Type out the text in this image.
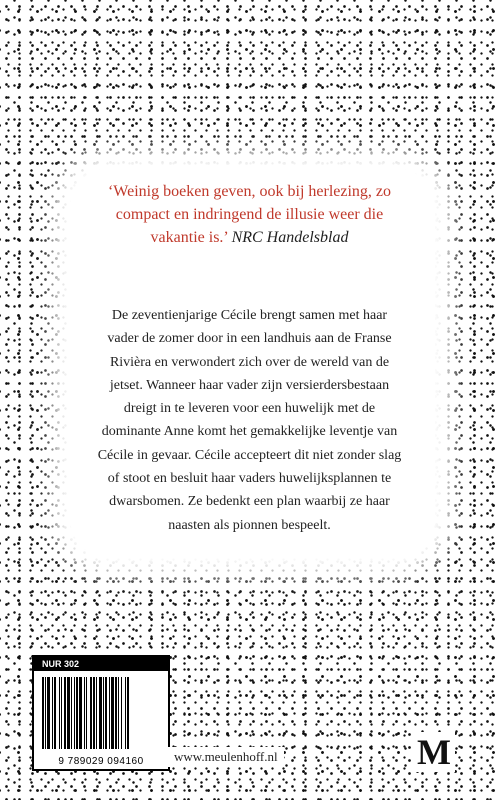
‘Weinig boeken geven, ook bij herlezing, zo
compact en indringend de illusie weer die
vakantie is.’ NRC Handelsblad
De zeventienjarige Cécile brengt samen met haar
vader de zomer door in een landhuis aan de Franse
Rivièra en verwondert zich over de wereld van de
jetset. Wanneer haar vader zijn versierdersbestaan
dreigt in te leveren voor een huwelijk met de
dominante Anne komt het gemakkelijke leventje van
Cécile in gevaar. Cécile accepteert dit niet zonder slag
of stoot en besluit haar vaders huwelijksplannen te
dwarsbomen. Ze bedenkt een plan waarbij ze haar
naasten als pionnen bespeelt.
NUR 302
9 789029 094160	www.meulenhoff.nl	M
